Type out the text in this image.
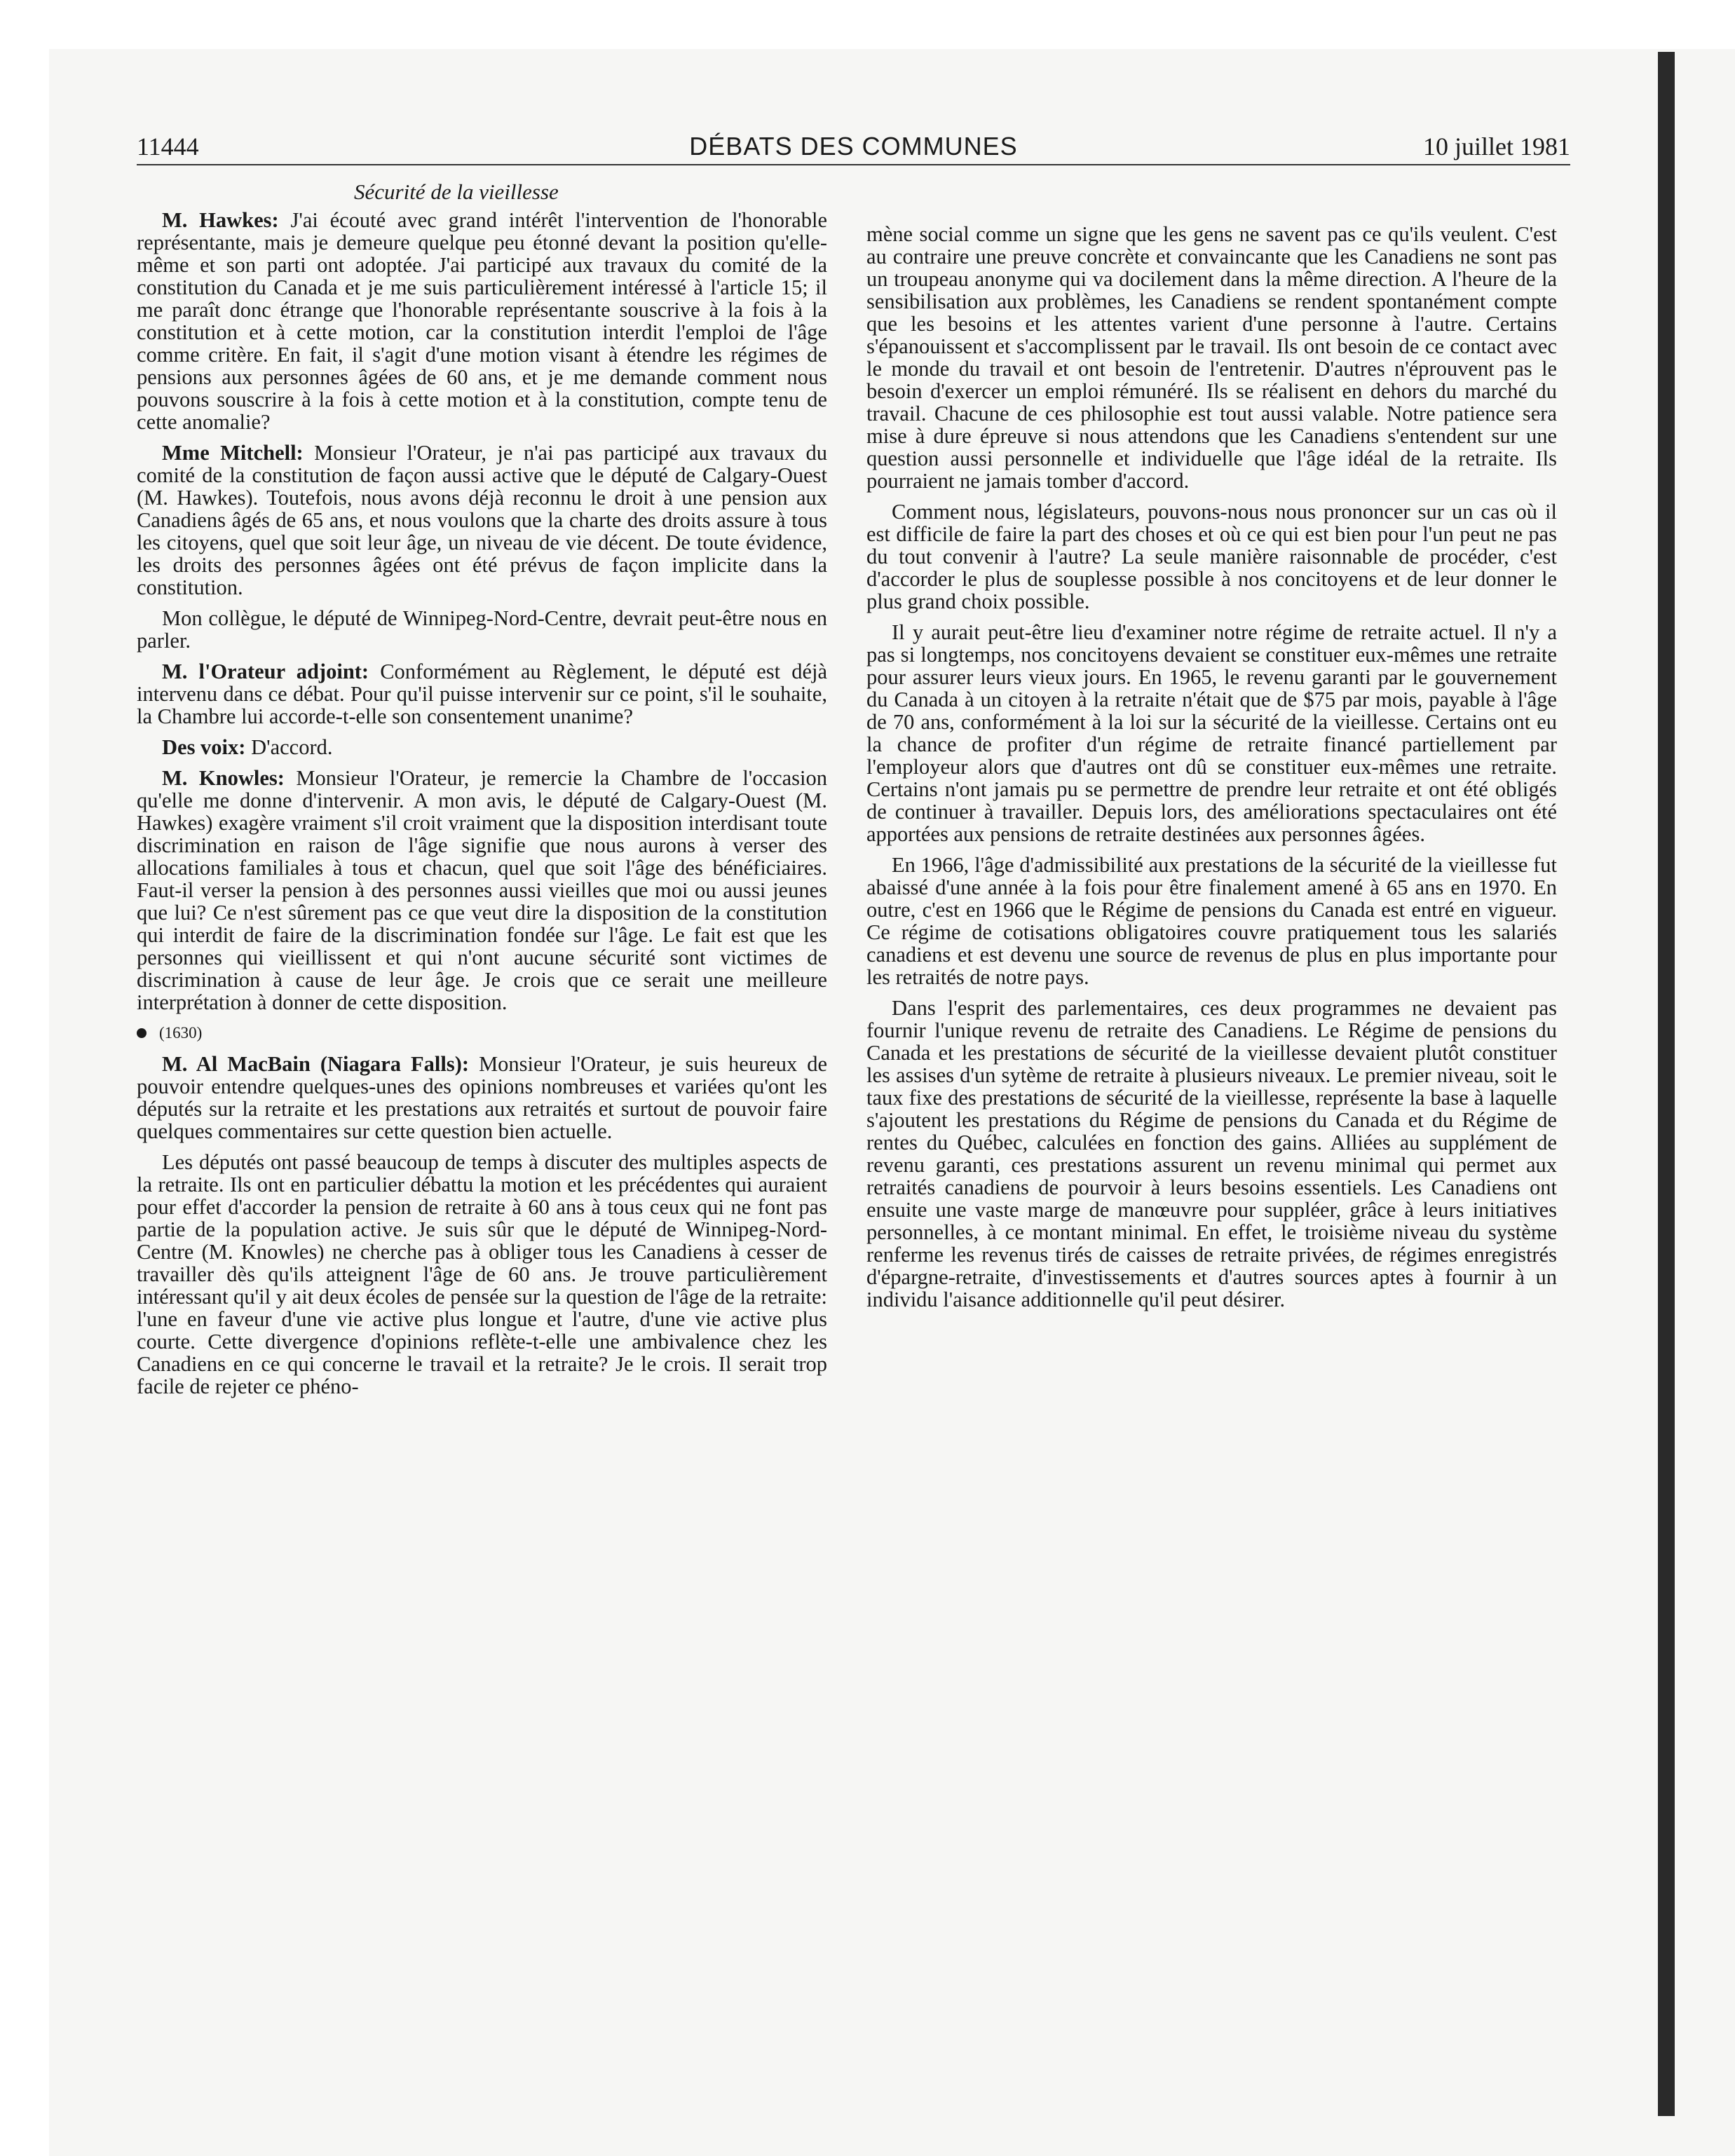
11444	DÉBATS DES COMMUNES	10 juillet 1981
Sécurité de la vieillesse

M. Hawkes: J'ai écouté avec grand intérêt l'intervention de l'honorable représentante, mais je demeure quelque peu étonné devant la position qu'elle-même et son parti ont adoptée. J'ai participé aux travaux du comité de la constitution du Canada et je me suis particulièrement intéressé à l'article 15; il me paraît donc étrange que l'honorable représentante souscrive à la fois à la constitution et à cette motion, car la constitution interdit l'emploi de l'âge comme critère. En fait, il s'agit d'une motion visant à étendre les régimes de pensions aux personnes âgées de 60 ans, et je me demande comment nous pouvons souscrire à la fois à cette motion et à la constitution, compte tenu de cette anomalie?

Mme Mitchell: Monsieur l'Orateur, je n'ai pas participé aux travaux du comité de la constitution de façon aussi active que le député de Calgary-Ouest (M. Hawkes). Toutefois, nous avons déjà reconnu le droit à une pension aux Canadiens âgés de 65 ans, et nous voulons que la charte des droits assure à tous les citoyens, quel que soit leur âge, un niveau de vie décent. De toute évidence, les droits des personnes âgées ont été prévus de façon implicite dans la constitution.

Mon collègue, le député de Winnipeg-Nord-Centre, devrait peut-être nous en parler.

M. l'Orateur adjoint: Conformément au Règlement, le député est déjà intervenu dans ce débat. Pour qu'il puisse intervenir sur ce point, s'il le souhaite, la Chambre lui accorde-t-elle son consentement unanime?

Des voix: D'accord.

M. Knowles: Monsieur l'Orateur, je remercie la Chambre de l'occasion qu'elle me donne d'intervenir. A mon avis, le député de Calgary-Ouest (M. Hawkes) exagère vraiment s'il croit vraiment que la disposition interdisant toute discrimination en raison de l'âge signifie que nous aurons à verser des allocations familiales à tous et chacun, quel que soit l'âge des bénéficiaires. Faut-il verser la pension à des personnes aussi vieilles que moi ou aussi jeunes que lui? Ce n'est sûrement pas ce que veut dire la disposition de la constitution qui interdit de faire de la discrimination fondée sur l'âge. Le fait est que les personnes qui vieillissent et qui n'ont aucune sécurité sont victimes de discrimination à cause de leur âge. Je crois que ce serait une meilleure interprétation à donner de cette disposition.

(1630)

M. Al MacBain (Niagara Falls): Monsieur l'Orateur, je suis heureux de pouvoir entendre quelques-unes des opinions nombreuses et variées qu'ont les députés sur la retraite et les prestations aux retraités et surtout de pouvoir faire quelques commentaires sur cette question bien actuelle.

Les députés ont passé beaucoup de temps à discuter des multiples aspects de la retraite. Ils ont en particulier débattu la motion et les précédentes qui auraient pour effet d'accorder la pension de retraite à 60 ans à tous ceux qui ne font pas partie de la population active. Je suis sûr que le député de Winnipeg-Nord-Centre (M. Knowles) ne cherche pas à obliger tous les Canadiens à cesser de travailler dès qu'ils atteignent l'âge de 60 ans. Je trouve particulièrement intéressant qu'il y ait deux écoles de pensée sur la question de l'âge de la retraite: l'une en faveur d'une vie active plus longue et l'autre, d'une vie active plus courte. Cette divergence d'opinions reflète-t-elle une ambivalence chez les Canadiens en ce qui concerne le travail et la retraite? Je le crois. Il serait trop facile de rejeter ce phéno-

mène social comme un signe que les gens ne savent pas ce qu'ils veulent. C'est au contraire une preuve concrète et convaincante que les Canadiens ne sont pas un troupeau anonyme qui va docilement dans la même direction. A l'heure de la sensibilisation aux problèmes, les Canadiens se rendent spontanément compte que les besoins et les attentes varient d'une personne à l'autre. Certains s'épanouissent et s'accomplissent par le travail. Ils ont besoin de ce contact avec le monde du travail et ont besoin de l'entretenir. D'autres n'éprouvent pas le besoin d'exercer un emploi rémunéré. Ils se réalisent en dehors du marché du travail. Chacune de ces philosophie est tout aussi valable. Notre patience sera mise à dure épreuve si nous attendons que les Canadiens s'entendent sur une question aussi personnelle et individuelle que l'âge idéal de la retraite. Ils pourraient ne jamais tomber d'accord.

Comment nous, législateurs, pouvons-nous nous prononcer sur un cas où il est difficile de faire la part des choses et où ce qui est bien pour l'un peut ne pas du tout convenir à l'autre? La seule manière raisonnable de procéder, c'est d'accorder le plus de souplesse possible à nos concitoyens et de leur donner le plus grand choix possible.

Il y aurait peut-être lieu d'examiner notre régime de retraite actuel. Il n'y a pas si longtemps, nos concitoyens devaient se constituer eux-mêmes une retraite pour assurer leurs vieux jours. En 1965, le revenu garanti par le gouvernement du Canada à un citoyen à la retraite n'était que de $75 par mois, payable à l'âge de 70 ans, conformément à la loi sur la sécurité de la vieillesse. Certains ont eu la chance de profiter d'un régime de retraite financé partiellement par l'employeur alors que d'autres ont dû se constituer eux-mêmes une retraite. Certains n'ont jamais pu se permettre de prendre leur retraite et ont été obligés de continuer à travailler. Depuis lors, des améliorations spectaculaires ont été apportées aux pensions de retraite destinées aux personnes âgées.

En 1966, l'âge d'admissibilité aux prestations de la sécurité de la vieillesse fut abaissé d'une année à la fois pour être finalement amené à 65 ans en 1970. En outre, c'est en 1966 que le Régime de pensions du Canada est entré en vigueur. Ce régime de cotisations obligatoires couvre pratiquement tous les salariés canadiens et est devenu une source de revenus de plus en plus importante pour les retraités de notre pays.

Dans l'esprit des parlementaires, ces deux programmes ne devaient pas fournir l'unique revenu de retraite des Canadiens. Le Régime de pensions du Canada et les prestations de sécurité de la vieillesse devaient plutôt constituer les assises d'un sytème de retraite à plusieurs niveaux. Le premier niveau, soit le taux fixe des prestations de sécurité de la vieillesse, représente la base à laquelle s'ajoutent les prestations du Régime de pensions du Canada et du Régime de rentes du Québec, calculées en fonction des gains. Alliées au supplément de revenu garanti, ces prestations assurent un revenu minimal qui permet aux retraités canadiens de pourvoir à leurs besoins essentiels. Les Canadiens ont ensuite une vaste marge de manœuvre pour suppléer, grâce à leurs initiatives personnelles, à ce montant minimal. En effet, le troisième niveau du système renferme les revenus tirés de caisses de retraite privées, de régimes enregistrés d'épargne-retraite, d'investissements et d'autres sources aptes à fournir à un individu l'aisance additionnelle qu'il peut désirer.
